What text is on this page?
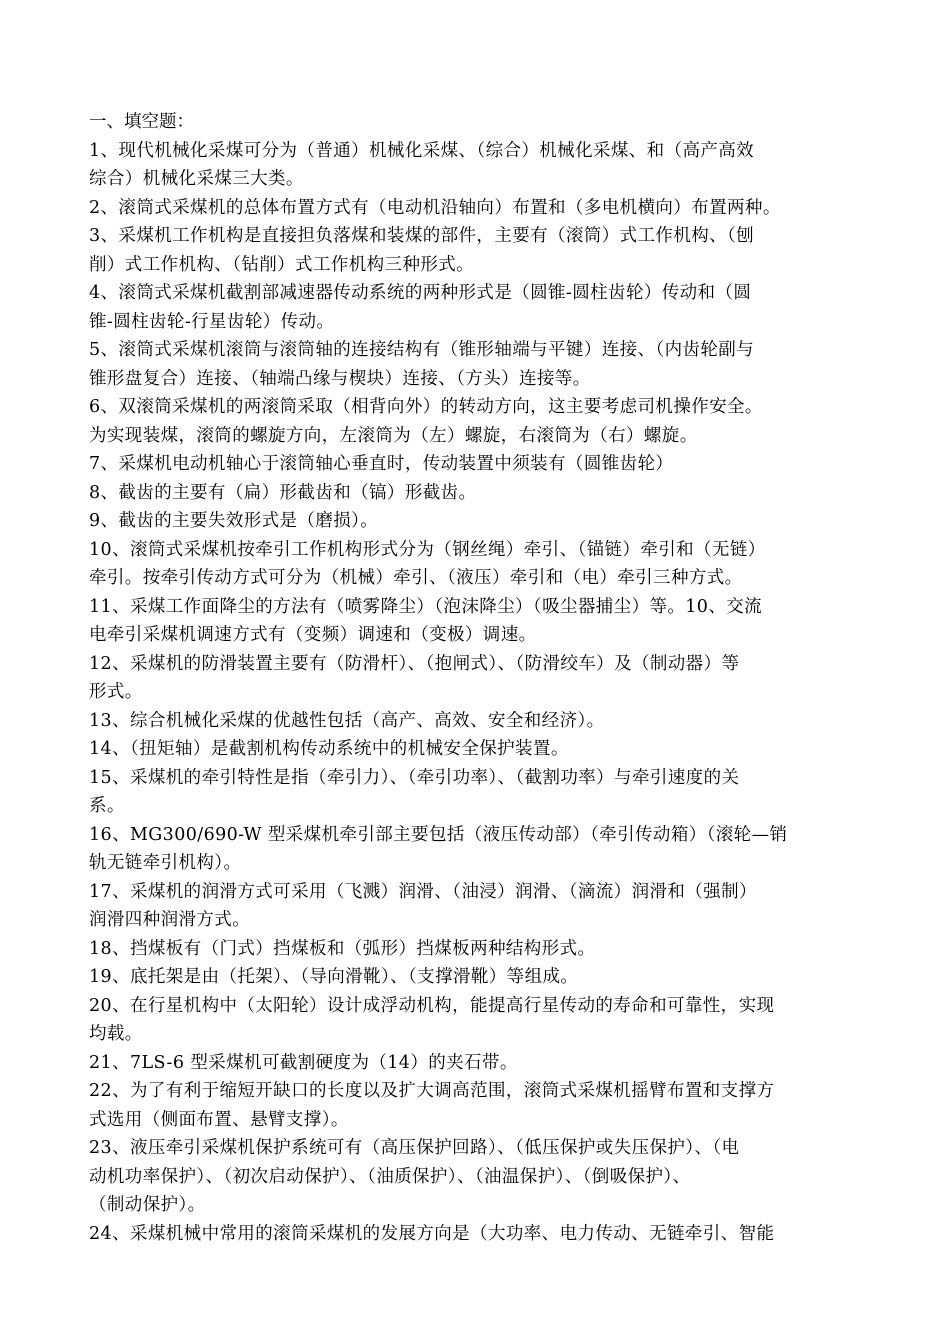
一、填空题：

1、现代机械化采煤可分为（普通）机械化采煤、（综合）机械化采煤、和（高产高效
综合）机械化采煤三大类。

2、滚筒式采煤机的总体布置方式有（电动机沿轴向）布置和（多电机横向）布置两种。

3、采煤机工作机构是直接担负落煤和装煤的部件，主要有（滚筒）式工作机构、（刨
削）式工作机构、（钻削）式工作机构三种形式。

4、滚筒式采煤机截割部减速器传动系统的两种形式是（圆锥-圆柱齿轮）传动和（圆
锥-圆柱齿轮-行星齿轮）传动。

5、滚筒式采煤机滚筒与滚筒轴的连接结构有（锥形轴端与平键）连接、（内齿轮副与
锥形盘复合）连接、（轴端凸缘与楔块）连接、（方头）连接等。

6、双滚筒采煤机的两滚筒采取（相背向外）的转动方向，这主要考虑司机操作安全。
为实现装煤，滚筒的螺旋方向，左滚筒为（左）螺旋，右滚筒为（右）螺旋。

7、采煤机电动机轴心于滚筒轴心垂直时，传动装置中须装有（圆锥齿轮）

8、截齿的主要有（扁）形截齿和（镐）形截齿。

9、截齿的主要失效形式是（磨损）。

10、滚筒式采煤机按牵引工作机构形式分为（钢丝绳）牵引、（锚链）牵引和（无链）
牵引。按牵引传动方式可分为（机械）牵引、（液压）牵引和（电）牵引三种方式。

11、采煤工作面降尘的方法有（喷雾降尘）（泡沫降尘）（吸尘器捕尘）等。10、交流
电牵引采煤机调速方式有（变频）调速和（变极）调速。

12、采煤机的防滑装置主要有（防滑杆）、（抱闸式）、（防滑绞车）及（制动器）等
形式。

13、综合机械化采煤的优越性包括（高产、高效、安全和经济）。

14、（扭矩轴）是截割机构传动系统中的机械安全保护装置。

15、采煤机的牵引特性是指（牵引力）、（牵引功率）、（截割功率）与牵引速度的关
系。

16、MG300/690-W 型采煤机牵引部主要包括（液压传动部）（牵引传动箱）（滚轮—销
轨无链牵引机构）。

17、采煤机的润滑方式可采用（飞溅）润滑、（油浸）润滑、（滴流）润滑和（强制）
润滑四种润滑方式。

18、挡煤板有（门式）挡煤板和（弧形）挡煤板两种结构形式。

19、底托架是由（托架）、（导向滑靴）、（支撑滑靴）等组成。

20、在行星机构中（太阳轮）设计成浮动机构，能提高行星传动的寿命和可靠性，实现
均载。

21、7LS-6 型采煤机可截割硬度为（14）的夹石带。

22、为了有利于缩短开缺口的长度以及扩大调高范围，滚筒式采煤机摇臂布置和支撑方
式选用（侧面布置、悬臂支撑）。

23、液压牵引采煤机保护系统可有（高压保护回路）、（低压保护或失压保护）、（电
动机功率保护）、（初次启动保护）、（油质保护）、（油温保护）、（倒吸保护）、
（制动保护）。

24、采煤机械中常用的滚筒采煤机的发展方向是（大功率、电力传动、无链牵引、智能
